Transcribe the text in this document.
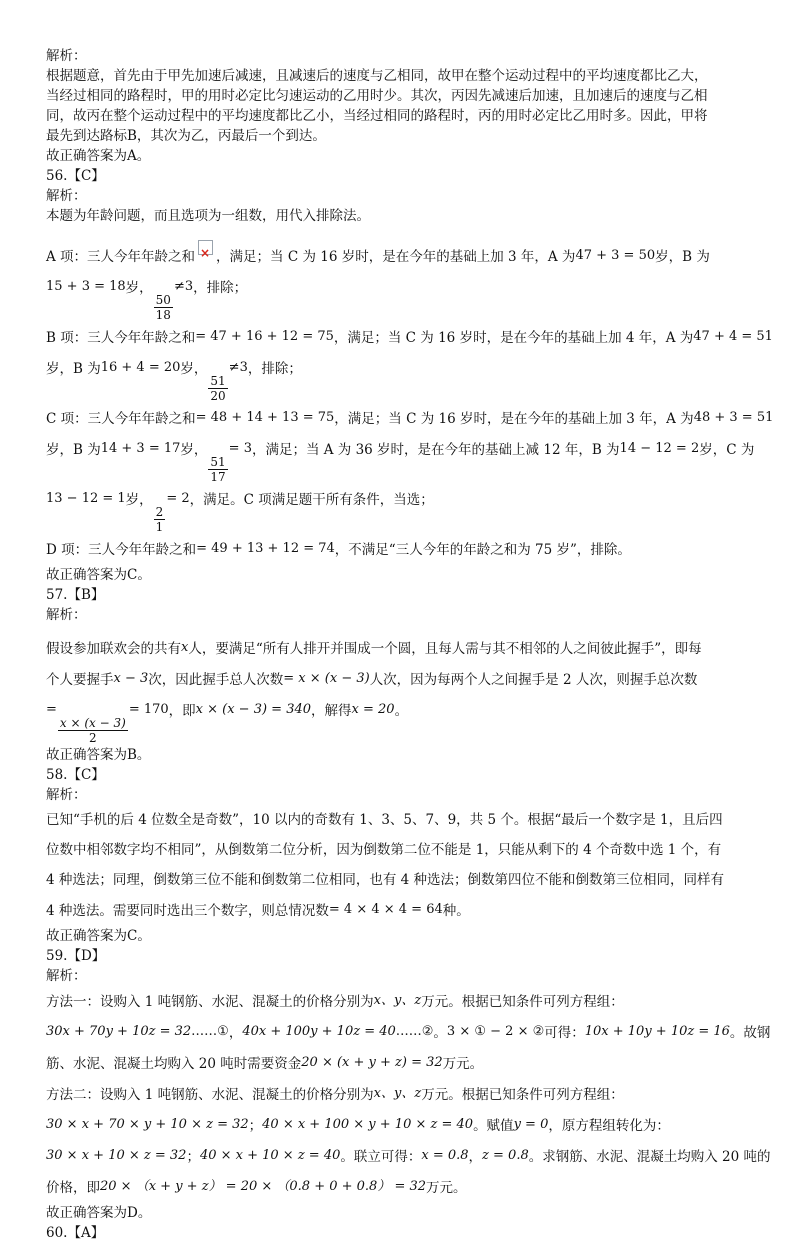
解析：
根据题意，首先由于甲先加速后减速，且减速后的速度与乙相同，故甲在整个运动过程中的平均速度都比乙大，
当经过相同的路程时，甲的用时必定比匀速运动的乙用时少。其次，丙因先减速后加速，且加速后的速度与乙相
同，故丙在整个运动过程中的平均速度都比乙小，当经过相同的路程时，丙的用时必定比乙用时多。因此，甲将
最先到达路标B，其次为乙，丙最后一个到达。
故正确答案为A。
56.【C】
解析：
本题为年龄问题，而且选项为一组数，用代入排除法。
A 项：三人今年年龄之和 × ，满足；当 C 为 16 岁时，是在今年的基础上加 3 年，A 为47 + 3 = 50岁，B 为
15 + 3 = 18岁，
$\frac{50}{18}$
≠3，排除；
B 项：三人今年年龄之和= 47 + 16 + 12 = 75，满足；当 C 为 16 岁时，是在今年的基础上加 4 年，A 为47 + 4 = 51
岁，B 为16 + 4 = 20岁，
$\frac{51}{20}$
≠3，排除；
C 项：三人今年年龄之和= 48 + 14 + 13 = 75，满足；当 C 为 16 岁时，是在今年的基础上加 3 年，A 为48 + 3 = 51
岁，B 为14 + 3 = 17岁，
$\frac{51}{17}$
= 3，满足；当 A 为 36 岁时，是在今年的基础上减 12 年，B 为14 − 12 = 2岁，C 为
13 − 12 = 1岁，
$\frac{2}{1}$
= 2，满足。C 项满足题干所有条件，当选；
D 项：三人今年年龄之和= 49 + 13 + 12 = 74，不满足“三人今年的年龄之和为 75 岁”，排除。
故正确答案为C。
57.【B】
解析：
假设参加联欢会的共有x人，要满足“所有人排开并围成一个圆，且每人需与其不相邻的人之间彼此握手”，即每
个人要握手x − 3次，因此握手总人次数= x × (x − 3)人次，因为每两个人之间握手是 2 人次，则握手总次数
=
$\frac{x \times (x - 3)}{2}$
= 170，即x × (x − 3) = 340，解得x = 20。
故正确答案为B。
58.【C】
解析：
已知“手机的后 4 位数全是奇数”，10 以内的奇数有 1、3、5、7、9，共 5 个。根据“最后一个数字是 1，且后四
位数中相邻数字均不相同”，从倒数第二位分析，因为倒数第二位不能是 1，只能从剩下的 4 个奇数中选 1 个，有
4 种选法；同理，倒数第三位不能和倒数第二位相同，也有 4 种选法；倒数第四位不能和倒数第三位相同，同样有
4 种选法。需要同时选出三个数字，则总情况数= 4 × 4 × 4 = 64种。
故正确答案为C。
59.【D】
解析：
方法一：设购入 1 吨钢筋、水泥、混凝土的价格分别为x、y、z万元。根据已知条件可列方程组：
30x + 70y + 10z = 32……①，40x + 100y + 10z = 40……②。3 × ① − 2 × ②可得：10x + 10y + 10z = 16。故钢
筋、水泥、混凝土均购入 20 吨时需要资金20 × (x + y + z) = 32万元。
方法二：设购入 1 吨钢筋、水泥、混凝土的价格分别为x、y、z万元。根据已知条件可列方程组：
30 × x + 70 × y + 10 × z = 32；40 × x + 100 × y + 10 × z = 40。赋值y = 0，原方程组转化为：
30 × x + 10 × z = 32；40 × x + 10 × z = 40。联立可得：x = 0.8，z = 0.8。求钢筋、水泥、混凝土均购入 20 吨的
价格，即20 × （x + y + z） = 20 × （0.8 + 0 + 0.8） = 32万元。
故正确答案为D。
60.【A】
